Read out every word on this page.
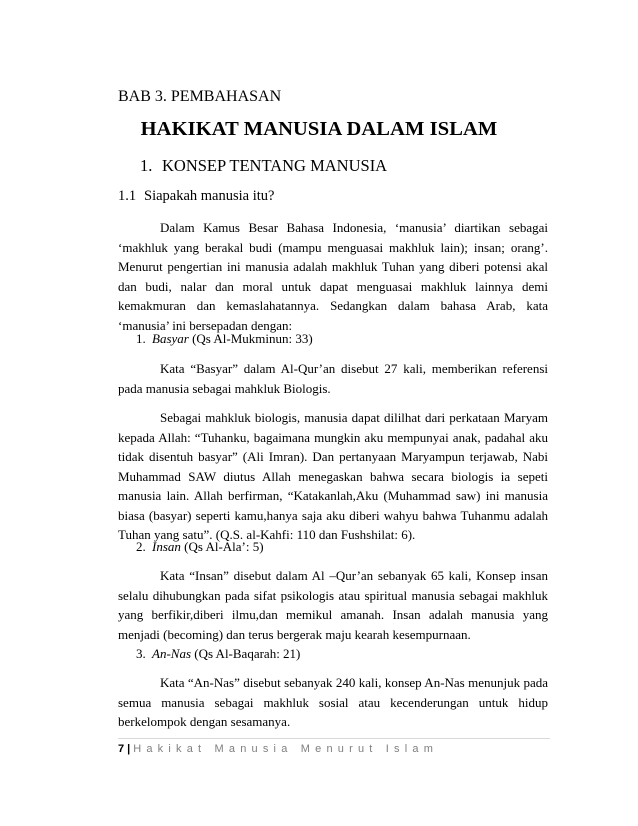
BAB 3. PEMBAHASAN
HAKIKAT MANUSIA DALAM ISLAM
1. KONSEP TENTANG MANUSIA
1.1 Siapakah manusia itu?

Dalam Kamus Besar Bahasa Indonesia, ‘manusia’ diartikan sebagai ‘makhluk yang berakal budi (mampu menguasai makhluk lain); insan; orang’. Menurut pengertian ini manusia adalah makhluk Tuhan yang diberi potensi akal dan budi, nalar dan moral untuk dapat menguasai makhluk lainnya demi kemakmuran dan kemaslahatannya. Sedangkan dalam bahasa Arab, kata ‘manusia’ ini bersepadan dengan:

1. Basyar (Qs Al-Mukminun: 33)

Kata “Basyar” dalam Al-Qur’an disebut 27 kali, memberikan referensi pada manusia sebagai mahkluk Biologis.

Sebagai mahkluk biologis, manusia dapat dililhat dari perkataan Maryam kepada Allah: “Tuhanku, bagaimana mungkin aku mempunyai anak, padahal aku tidak disentuh basyar” (Ali Imran). Dan pertanyaan Maryampun terjawab, Nabi Muhammad SAW diutus Allah menegaskan bahwa secara biologis ia sepeti manusia lain. Allah berfirman, “Katakanlah,Aku (Muhammad saw) ini manusia biasa (basyar) seperti kamu,hanya saja aku diberi wahyu bahwa Tuhanmu adalah Tuhan yang satu”. (Q.S. al-Kahfi: 110 dan Fushshilat: 6).

2. Insan (Qs Al-Ala’: 5)

Kata “Insan” disebut dalam Al –Qur’an sebanyak 65 kali, Konsep insan selalu dihubungkan pada sifat psikologis atau spiritual manusia sebagai makhluk yang berfikir,diberi ilmu,dan memikul amanah. Insan adalah manusia yang menjadi (becoming) dan terus bergerak maju kearah kesempurnaan.

3. An-Nas (Qs Al-Baqarah: 21)

Kata “An-Nas” disebut sebanyak 240 kali, konsep An-Nas menunjuk pada semua manusia sebagai makhluk sosial atau kecenderungan untuk hidup berkelompok dengan sesamanya.

7 | Hakikat Manusia Menurut Islam
